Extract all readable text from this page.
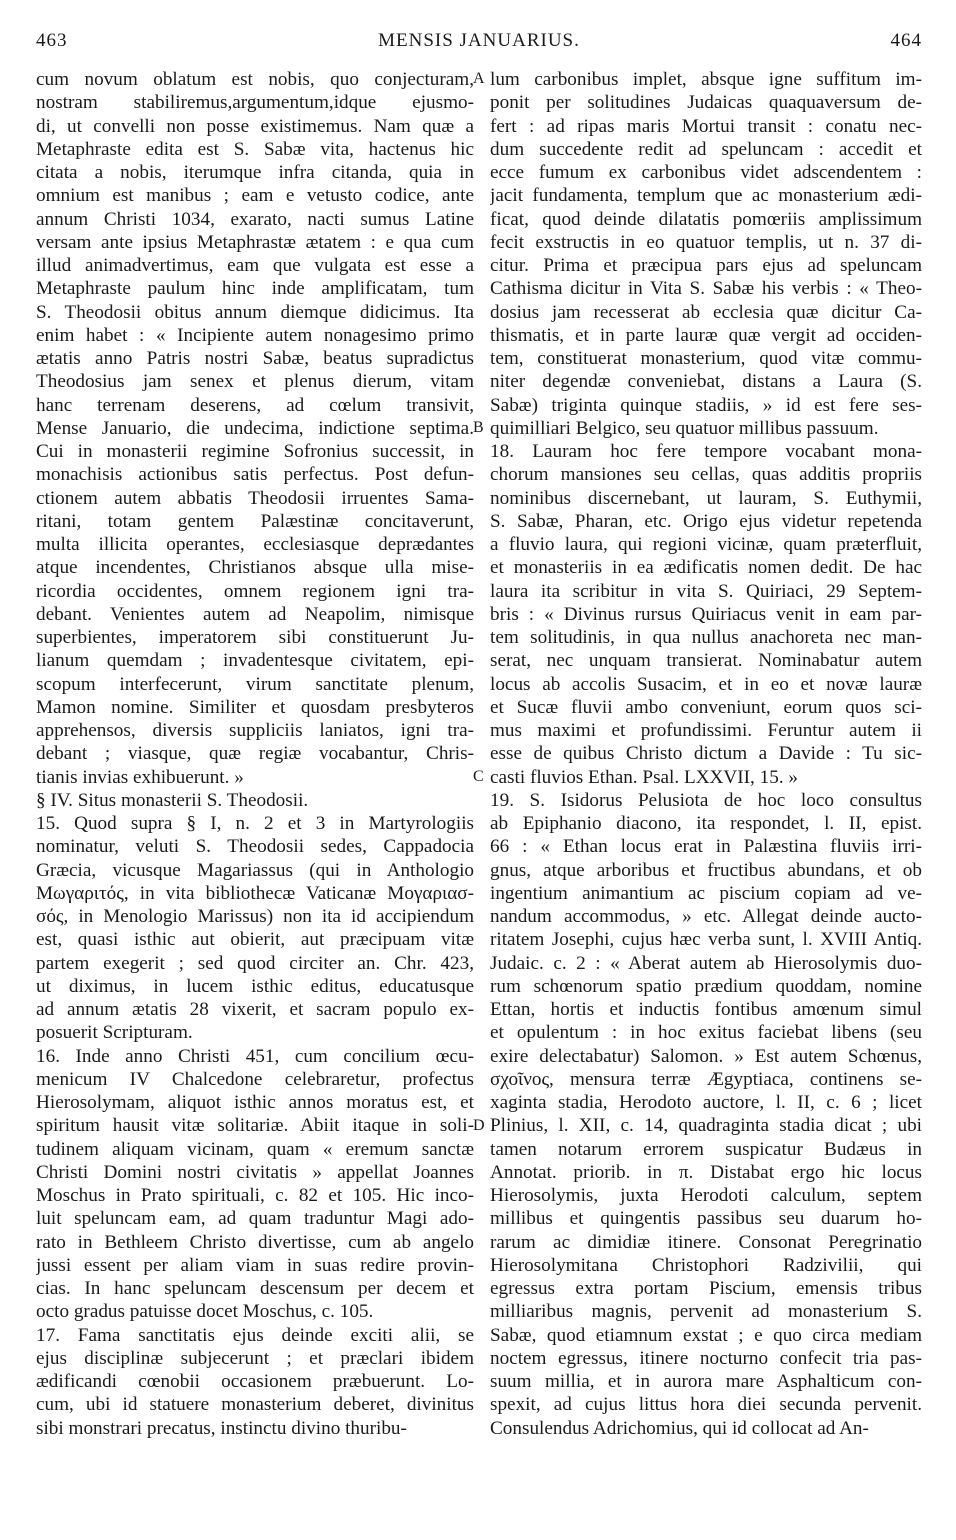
463	MENSIS JANUARIUS.	464
cum novum oblatum est nobis, quo conjecturam,
nostram stabiliremus,argumentum,idque ejusmo-
di, ut convelli non posse existimemus. Nam quæ a
Metaphraste edita est S. Sabæ vita, hactenus hic
citata a nobis, iterumque infra citanda, quia in
omnium est manibus ; eam e vetusto codice, ante
annum Christi 1034, exarato, nacti sumus Latine
versam ante ipsius Metaphrastæ ætatem : e qua cum
illud animadvertimus, eam que vulgata est esse a
Metaphraste paulum hinc inde amplificatam, tum
S. Theodosii obitus annum diemque didicimus. Ita
enim habet : « Incipiente autem nonagesimo primo
ætatis anno Patris nostri Sabæ, beatus supradictus
Theodosius jam senex et plenus dierum, vitam
hanc terrenam deserens, ad cœlum transivit,
Mense Januario, die undecima, indictione septima.
Cui in monasterii regimine Sofronius successit, in
monachisis actionibus satis perfectus. Post defun-
ctionem autem abbatis Theodosii irruentes Sama-
ritani, totam gentem Palæstinæ concitaverunt,
multa illicita operantes, ecclesiasque deprædantes
atque incendentes, Christianos absque ulla mise-
ricordia occidentes, omnem regionem igni tra-
debant. Venientes autem ad Neapolim, nimisque
superbientes, imperatorem sibi constituerunt Ju-
lianum quemdam ; invadentesque civitatem, epi-
scopum interfecerunt, virum sanctitate plenum,
Mamon nomine. Similiter et quosdam presbyteros
apprehensos, diversis suppliciis laniatos, igni tra-
debant ; viasque, quæ regiæ vocabantur, Chris-
tianis invias exhibuerunt. »
§ IV. Situs monasterii S. Theodosii.
15. Quod supra § I, n. 2 et 3 in Martyrologiis
nominatur, veluti S. Theodosii sedes, Cappadocia
Græcia, vicusque Magariassus (qui in Anthologio
Μωγαριτός, in vita bibliothecæ Vaticanæ Μογαριασ-
σός, in Menologio Marissus) non ita id accipiendum
est, quasi isthic aut obierit, aut præcipuam vitæ
partem exegerit ; sed quod circiter an. Chr. 423,
ut diximus, in lucem isthic editus, educatusque
ad annum ætatis 28 vixerit, et sacram populo ex-
posuerit Scripturam.
16. Inde anno Christi 451, cum concilium œcu-
menicum IV Chalcedone celebraretur, profectus
Hierosolymam, aliquot isthic annos moratus est, et
spiritum hausit vitæ solitariæ. Abiit itaque in soli-
tudinem aliquam vicinam, quam « eremum sanctæ
Christi Domini nostri civitatis » appellat Joannes
Moschus in Prato spirituali, c. 82 et 105. Hic inco-
luit speluncam eam, ad quam traduntur Magi ado-
rato in Bethleem Christo divertisse, cum ab angelo
jussi essent per aliam viam in suas redire provin-
cias. In hanc speluncam descensum per decem et
octo gradus patuisse docet Moschus, c. 105.
17. Fama sanctitatis ejus deinde exciti alii, se
ejus disciplinæ subjecerunt ; et præclari ibidem
ædificandi cœnobii occasionem præbuerunt. Lo-
cum, ubi id statuere monasterium deberet, divinitus
sibi monstrari precatus, instinctu divino thuribu-
lum carbonibus implet, absque igne suffitum im-
ponit per solitudines Judaicas quaquaversum de-
fert : ad ripas maris Mortui transit : conatu nec-
dum succedente redit ad speluncam : accedit et
ecce fumum ex carbonibus videt adscendentem :
jacit fundamenta, templum que ac monasterium ædi-
ficat, quod deinde dilatatis pomœriis amplissimum
fecit exstructis in eo quatuor templis, ut n. 37 di-
citur. Prima et præcipua pars ejus ad speluncam
Cathisma dicitur in Vita S. Sabæ his verbis : « Theo-
dosius jam recesserat ab ecclesia quæ dicitur Ca-
thismatis, et in parte lauræ quæ vergit ad occiden-
tem, constituerat monasterium, quod vitæ commu-
niter degendæ conveniebat, distans a Laura (S.
Sabæ) triginta quinque stadiis, » id est fere ses-
quimilliari Belgico, seu quatuor millibus passuum.
18. Lauram hoc fere tempore vocabant mona-
chorum mansiones seu cellas, quas additis propriis
nominibus discernebant, ut lauram, S. Euthymii,
S. Sabæ, Pharan, etc. Origo ejus videtur repetenda
a fluvio laura, qui regioni vicinæ, quam præterfluit,
et monasteriis in ea ædificatis nomen dedit. De hac
laura ita scribitur in vita S. Quiriaci, 29 Septem-
bris : « Divinus rursus Quiriacus venit in eam par-
tem solitudinis, in qua nullus anachoreta nec man-
serat, nec unquam transierat. Nominabatur autem
locus ab accolis Susacim, et in eo et novæ lauræ
et Sucæ fluvii ambo conveniunt, eorum quos sci-
mus maximi et profundissimi. Feruntur autem ii
esse de quibus Christo dictum a Davide : Tu sic-
casti fluvios Ethan. Psal. LXXVII, 15. »
19. S. Isidorus Pelusiota de hoc loco consultus
ab Epiphanio diacono, ita respondet, l. II, epist.
66 : « Ethan locus erat in Palæstina fluviis irri-
gnus, atque arboribus et fructibus abundans, et ob
ingentium animantium ac piscium copiam ad ve-
nandum accommodus, » etc. Allegat deinde aucto-
ritatem Josephi, cujus hæc verba sunt, l. XVIII Antiq.
Judaic. c. 2 : « Aberat autem ab Hierosolymis duo-
rum schœnorum spatio prædium quoddam, nomine
Ettan, hortis et inductis fontibus amœnum simul
et opulentum : in hoc exitus faciebat libens (seu
exire delectabatur) Salomon. » Est autem Schœnus,
σχοῖνος, mensura terræ Ægyptiaca, continens se-
xaginta stadia, Herodoto auctore, l. II, c. 6 ; licet
Plinius, l. XII, c. 14, quadraginta stadia dicat ; ubi
tamen notarum errorem suspicatur Budæus in
Annotat. priorib. in π. Distabat ergo hic locus
Hierosolymis, juxta Herodoti calculum, septem
millibus et quingentis passibus seu duarum ho-
rarum ac dimidiæ itinere. Consonat Peregrinatio
Hierosolymitana Christophori Radzivilii, qui
egressus extra portam Piscium, emensis tribus
milliaribus magnis, pervenit ad monasterium S.
Sabæ, quod etiamnum exstat ; e quo circa mediam
noctem egressus, itinere nocturno confecit tria pas-
suum millia, et in aurora mare Asphalticum con-
spexit, ad cujus littus hora diei secunda pervenit.
Consulendus Adrichomius, qui id collocat ad An-
A
B
C
D
